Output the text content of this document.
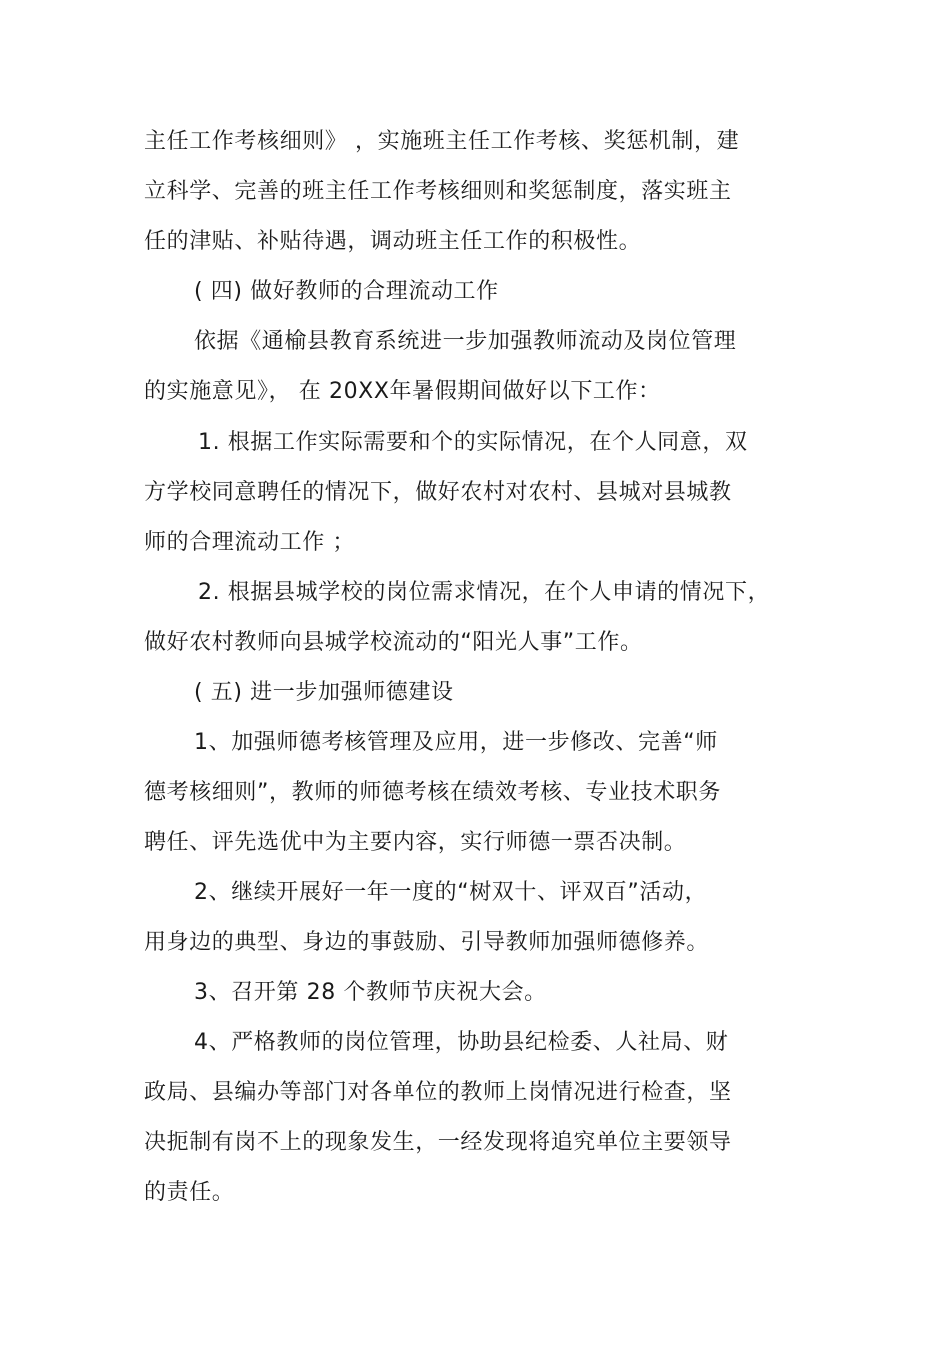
主任工作考核细则》 ，实施班主任工作考核、奖惩机制，建
立科学、完善的班主任工作考核细则和奖惩制度，落实班主
任的津贴、补贴待遇，调动班主任工作的积极性。
( 四) 做好教师的合理流动工作
依据《通榆县教育系统进一步加强教师流动及岗位管理
的实施意见》， 在 20XX年暑假期间做好以下工作：
1. 根据工作实际需要和个的实际情况，在个人同意，双
方学校同意聘任的情况下，做好农村对农村、县城对县城教
师的合理流动工作 ；
2. 根据县城学校的岗位需求情况，在个人申请的情况下，
做好农村教师向县城学校流动的“阳光人事”工作。
( 五) 进一步加强师德建设
1、加强师德考核管理及应用，进一步修改、完善“师
德考核细则”，教师的师德考核在绩效考核、专业技术职务
聘任、评先选优中为主要内容，实行师德一票否决制。
2、继续开展好一年一度的“树双十、评双百”活动，
用身边的典型、身边的事鼓励、引导教师加强师德修养。
3、召开第 28 个教师节庆祝大会。
4、严格教师的岗位管理，协助县纪检委、人社局、财
政局、县编办等部门对各单位的教师上岗情况进行检查，坚
决扼制有岗不上的现象发生，一经发现将追究单位主要领导
的责任。
